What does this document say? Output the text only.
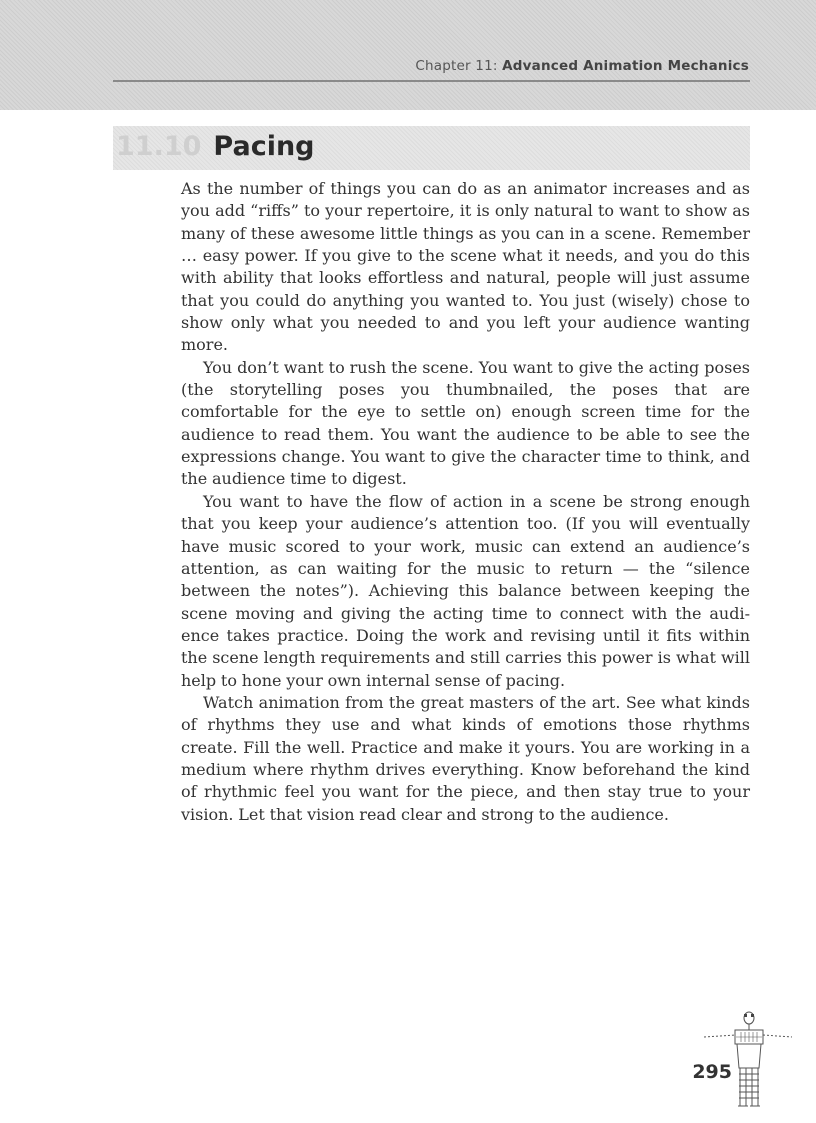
Chapter 11: Advanced Animation Mechanics
11.10 Pacing

As the number of things you can do as an animator increases and as you add “riffs” to your repertoire, it is only natural to want to show as many of these awesome little things as you can in a scene. Remember … easy power. If you give to the scene what it needs, and you do this with ability that looks effortless and natural, people will just assume that you could do anything you wanted to. You just (wisely) chose to show only what you needed to and you left your audience wanting more.

You don’t want to rush the scene. You want to give the acting poses (the storytelling poses you thumbnailed, the poses that are comfortable for the eye to settle on) enough screen time for the audience to read them. You want the audience to be able to see the expressions change. You want to give the character time to think, and the audience time to digest.

You want to have the flow of action in a scene be strong enough that you keep your audience’s attention too. (If you will eventually have music scored to your work, music can extend an audience’s attention, as can waiting for the music to return — the “silence between the notes”). Achieving this balance between keeping the scene moving and giving the acting time to connect with the audi-ence takes practice. Doing the work and revising until it fits within the scene length requirements and still carries this power is what will help to hone your own internal sense of pacing.

Watch animation from the great masters of the art. See what kinds of rhythms they use and what kinds of emotions those rhythms create. Fill the well. Practice and make it yours. You are working in a medium where rhythm drives everything. Know beforehand the kind of rhythmic feel you want for the piece, and then stay true to your vision. Let that vision read clear and strong to the audience.

295
